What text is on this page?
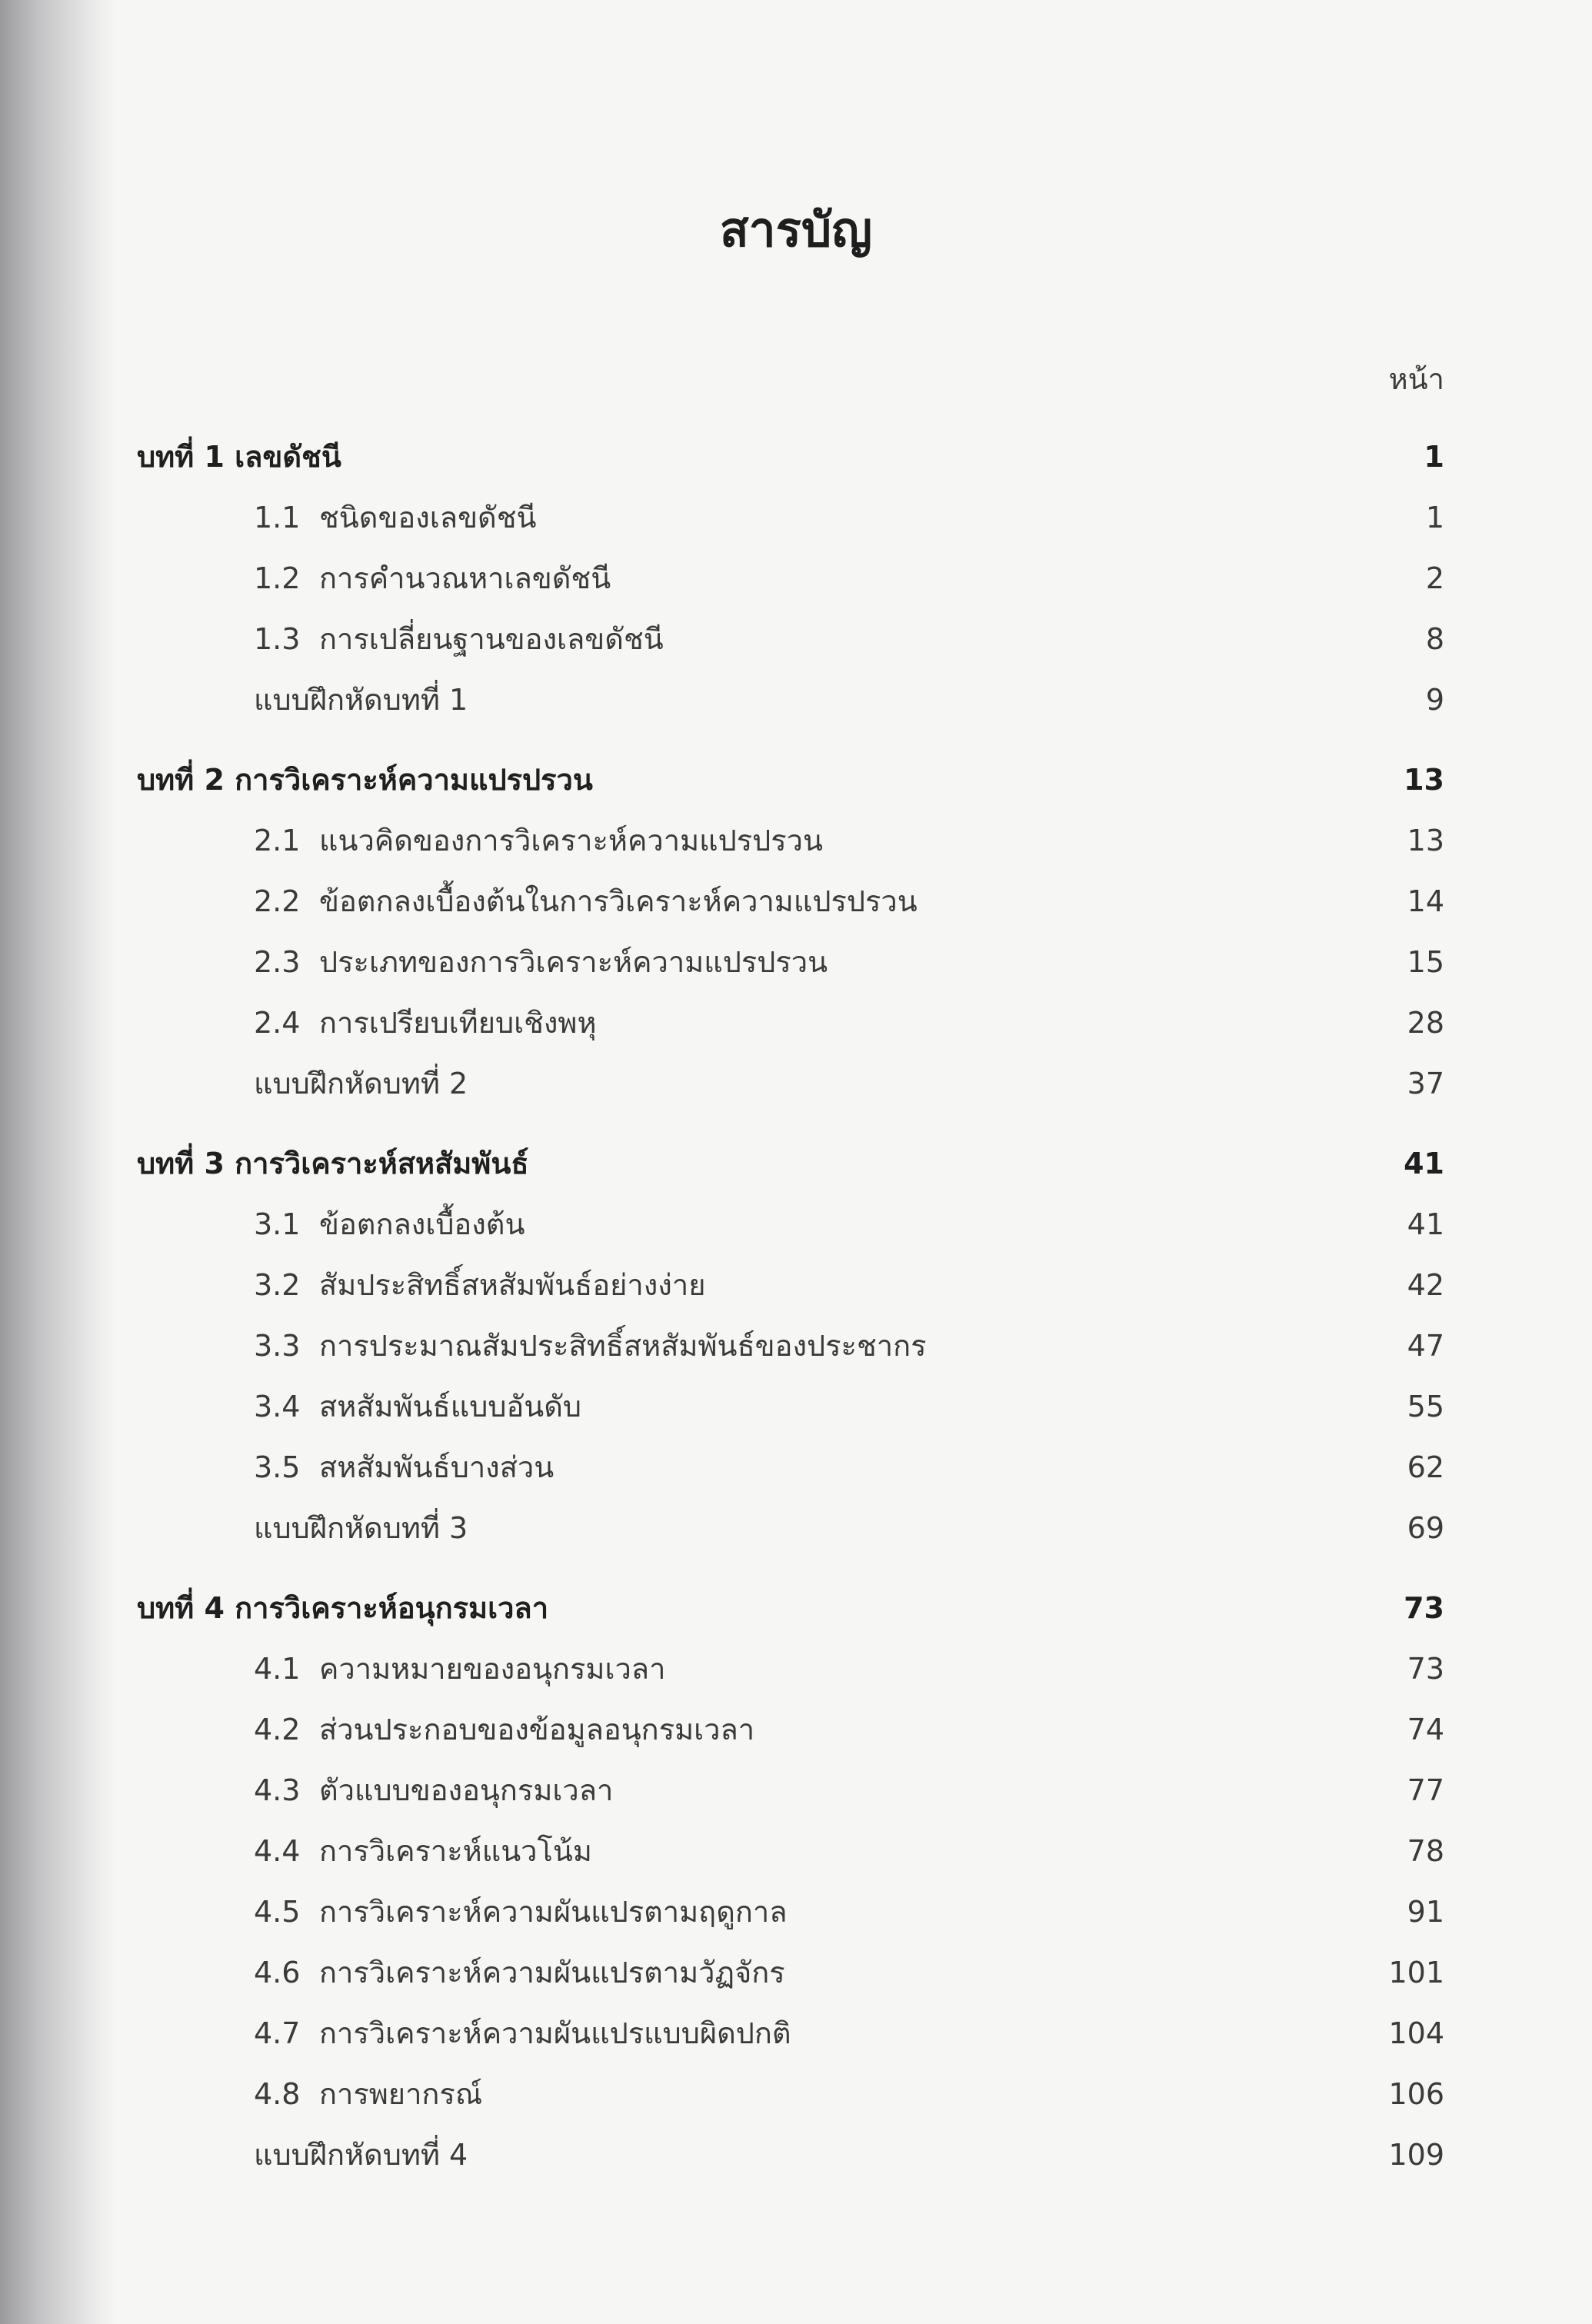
สารบัญ
หน้า
บทที่ 1 เลขดัชนี	1
1.1 ชนิดของเลขดัชนี	1
1.2 การคำนวณหาเลขดัชนี	2
1.3 การเปลี่ยนฐานของเลขดัชนี	8
แบบฝึกหัดบทที่ 1	9
บทที่ 2 การวิเคราะห์ความแปรปรวน	13
2.1 แนวคิดของการวิเคราะห์ความแปรปรวน	13
2.2 ข้อตกลงเบื้องต้นในการวิเคราะห์ความแปรปรวน	14
2.3 ประเภทของการวิเคราะห์ความแปรปรวน	15
2.4 การเปรียบเทียบเชิงพหุ	28
แบบฝึกหัดบทที่ 2	37
บทที่ 3 การวิเคราะห์สหสัมพันธ์	41
3.1 ข้อตกลงเบื้องต้น	41
3.2 สัมประสิทธิ์สหสัมพันธ์อย่างง่าย	42
3.3 การประมาณสัมประสิทธิ์สหสัมพันธ์ของประชากร	47
3.4 สหสัมพันธ์แบบอันดับ	55
3.5 สหสัมพันธ์บางส่วน	62
แบบฝึกหัดบทที่ 3	69
บทที่ 4 การวิเคราะห์อนุกรมเวลา	73
4.1 ความหมายของอนุกรมเวลา	73
4.2 ส่วนประกอบของข้อมูลอนุกรมเวลา	74
4.3 ตัวแบบของอนุกรมเวลา	77
4.4 การวิเคราะห์แนวโน้ม	78
4.5 การวิเคราะห์ความผันแปรตามฤดูกาล	91
4.6 การวิเคราะห์ความผันแปรตามวัฏจักร	101
4.7 การวิเคราะห์ความผันแปรแบบผิดปกติ	104
4.8 การพยากรณ์	106
แบบฝึกหัดบทที่ 4	109
